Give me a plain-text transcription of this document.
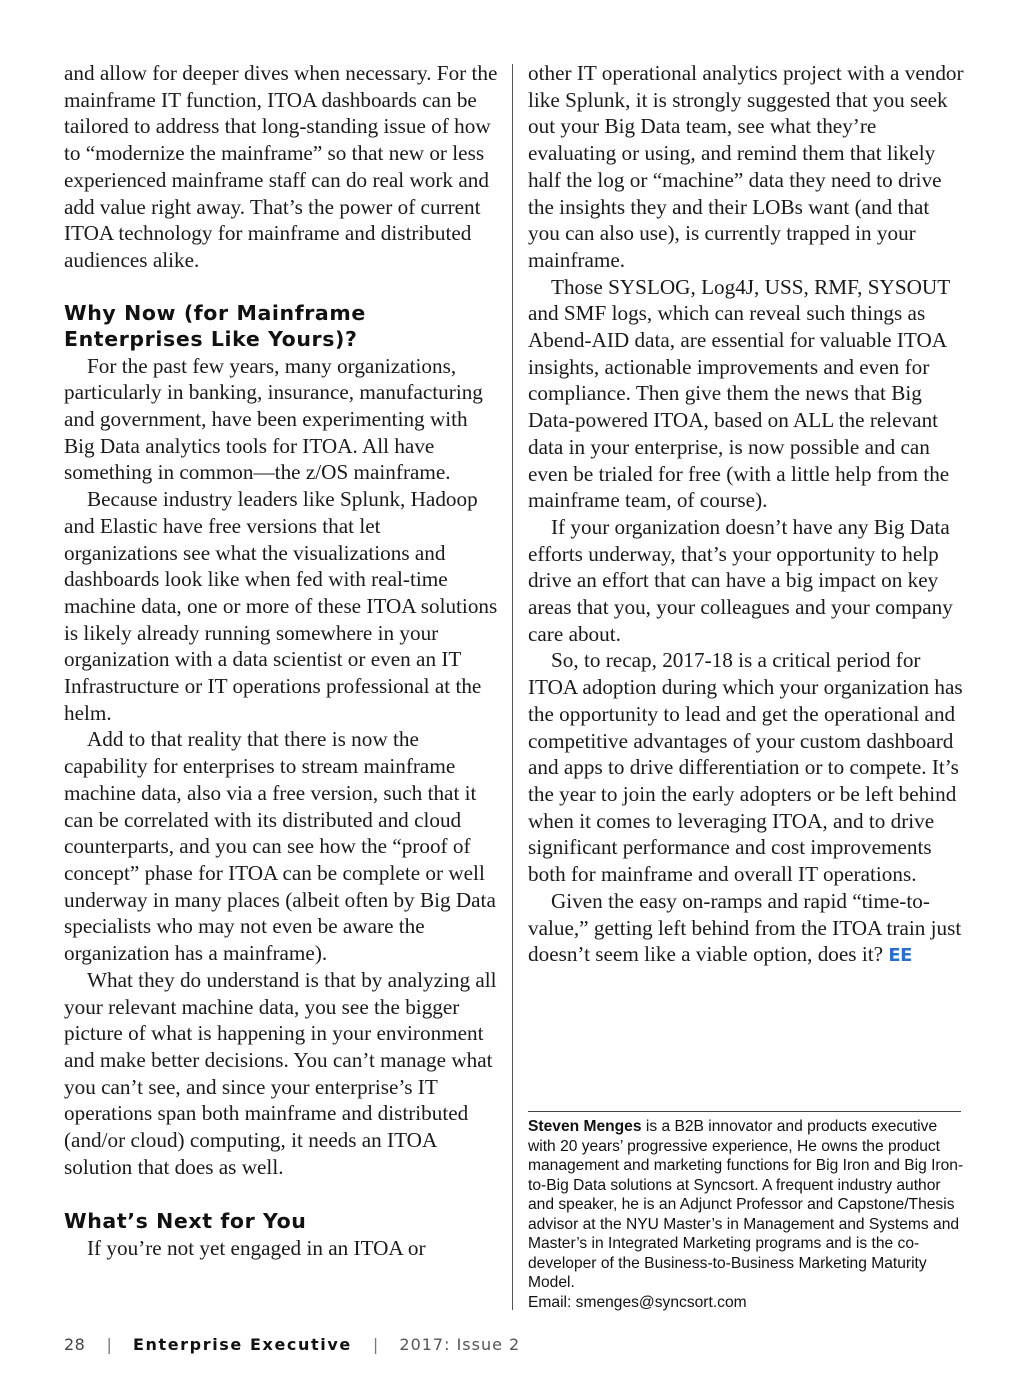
and allow for deeper dives when necessary. For the mainframe IT function, ITOA dashboards can be tailored to address that long-standing issue of how to “modernize the mainframe” so that new or less experienced mainframe staff can do real work and add value right away. That’s the power of current ITOA technology for mainframe and distributed audiences alike.

Why Now (for Mainframe Enterprises Like Yours)?

For the past few years, many organizations, particularly in banking, insurance, manufacturing and government, have been experimenting with Big Data analytics tools for ITOA. All have something in common—the z/OS mainframe.

Because industry leaders like Splunk, Hadoop and Elastic have free versions that let organizations see what the visualizations and dashboards look like when fed with real-time machine data, one or more of these ITOA solutions is likely already running somewhere in your organization with a data scientist or even an IT Infrastructure or IT operations professional at the helm.

Add to that reality that there is now the capability for enterprises to stream mainframe machine data, also via a free version, such that it can be correlated with its distributed and cloud counterparts, and you can see how the “proof of concept” phase for ITOA can be complete or well underway in many places (albeit often by Big Data specialists who may not even be aware the organization has a mainframe).

What they do understand is that by analyzing all your relevant machine data, you see the bigger picture of what is happening in your environment and make better decisions. You can’t manage what you can’t see, and since your enterprise’s IT operations span both mainframe and distributed (and/or cloud) computing, it needs an ITOA solution that does as well.

What’s Next for You

If you’re not yet engaged in an ITOA or

other IT operational analytics project with a vendor like Splunk, it is strongly suggested that you seek out your Big Data team, see what they’re evaluating or using, and remind them that likely half the log or “machine” data they need to drive the insights they and their LOBs want (and that you can also use), is currently trapped in your mainframe.

Those SYSLOG, Log4J, USS, RMF, SYSOUT and SMF logs, which can reveal such things as Abend-AID data, are essential for valuable ITOA insights, actionable improvements and even for compliance. Then give them the news that Big Data-powered ITOA, based on ALL the relevant data in your enterprise, is now possible and can even be trialed for free (with a little help from the mainframe team, of course).

If your organization doesn’t have any Big Data efforts underway, that’s your opportunity to help drive an effort that can have a big impact on key areas that you, your colleagues and your company care about.

So, to recap, 2017-18 is a critical period for ITOA adoption during which your organization has the opportunity to lead and get the operational and competitive advantages of your custom dashboard and apps to drive differentiation or to compete. It’s the year to join the early adopters or be left behind when it comes to leveraging ITOA, and to drive significant performance and cost improvements both for mainframe and overall IT operations.

Given the easy on-ramps and rapid “time-to-value,” getting left behind from the ITOA train just doesn’t seem like a viable option, does it? EE

Steven Menges is a B2B innovator and products executive with 20 years’ progressive experience, He owns the product management and marketing functions for Big Iron and Big Iron-to-Big Data solutions at Syncsort. A frequent industry author and speaker, he is an Adjunct Professor and Capstone/Thesis advisor at the NYU Master’s in Management and Systems and Master’s in Integrated Marketing programs and is the co-developer of the Business-to-Business Marketing Maturity Model.
Email: smenges@syncsort.com

28 | Enterprise Executive | 2017: Issue 2
